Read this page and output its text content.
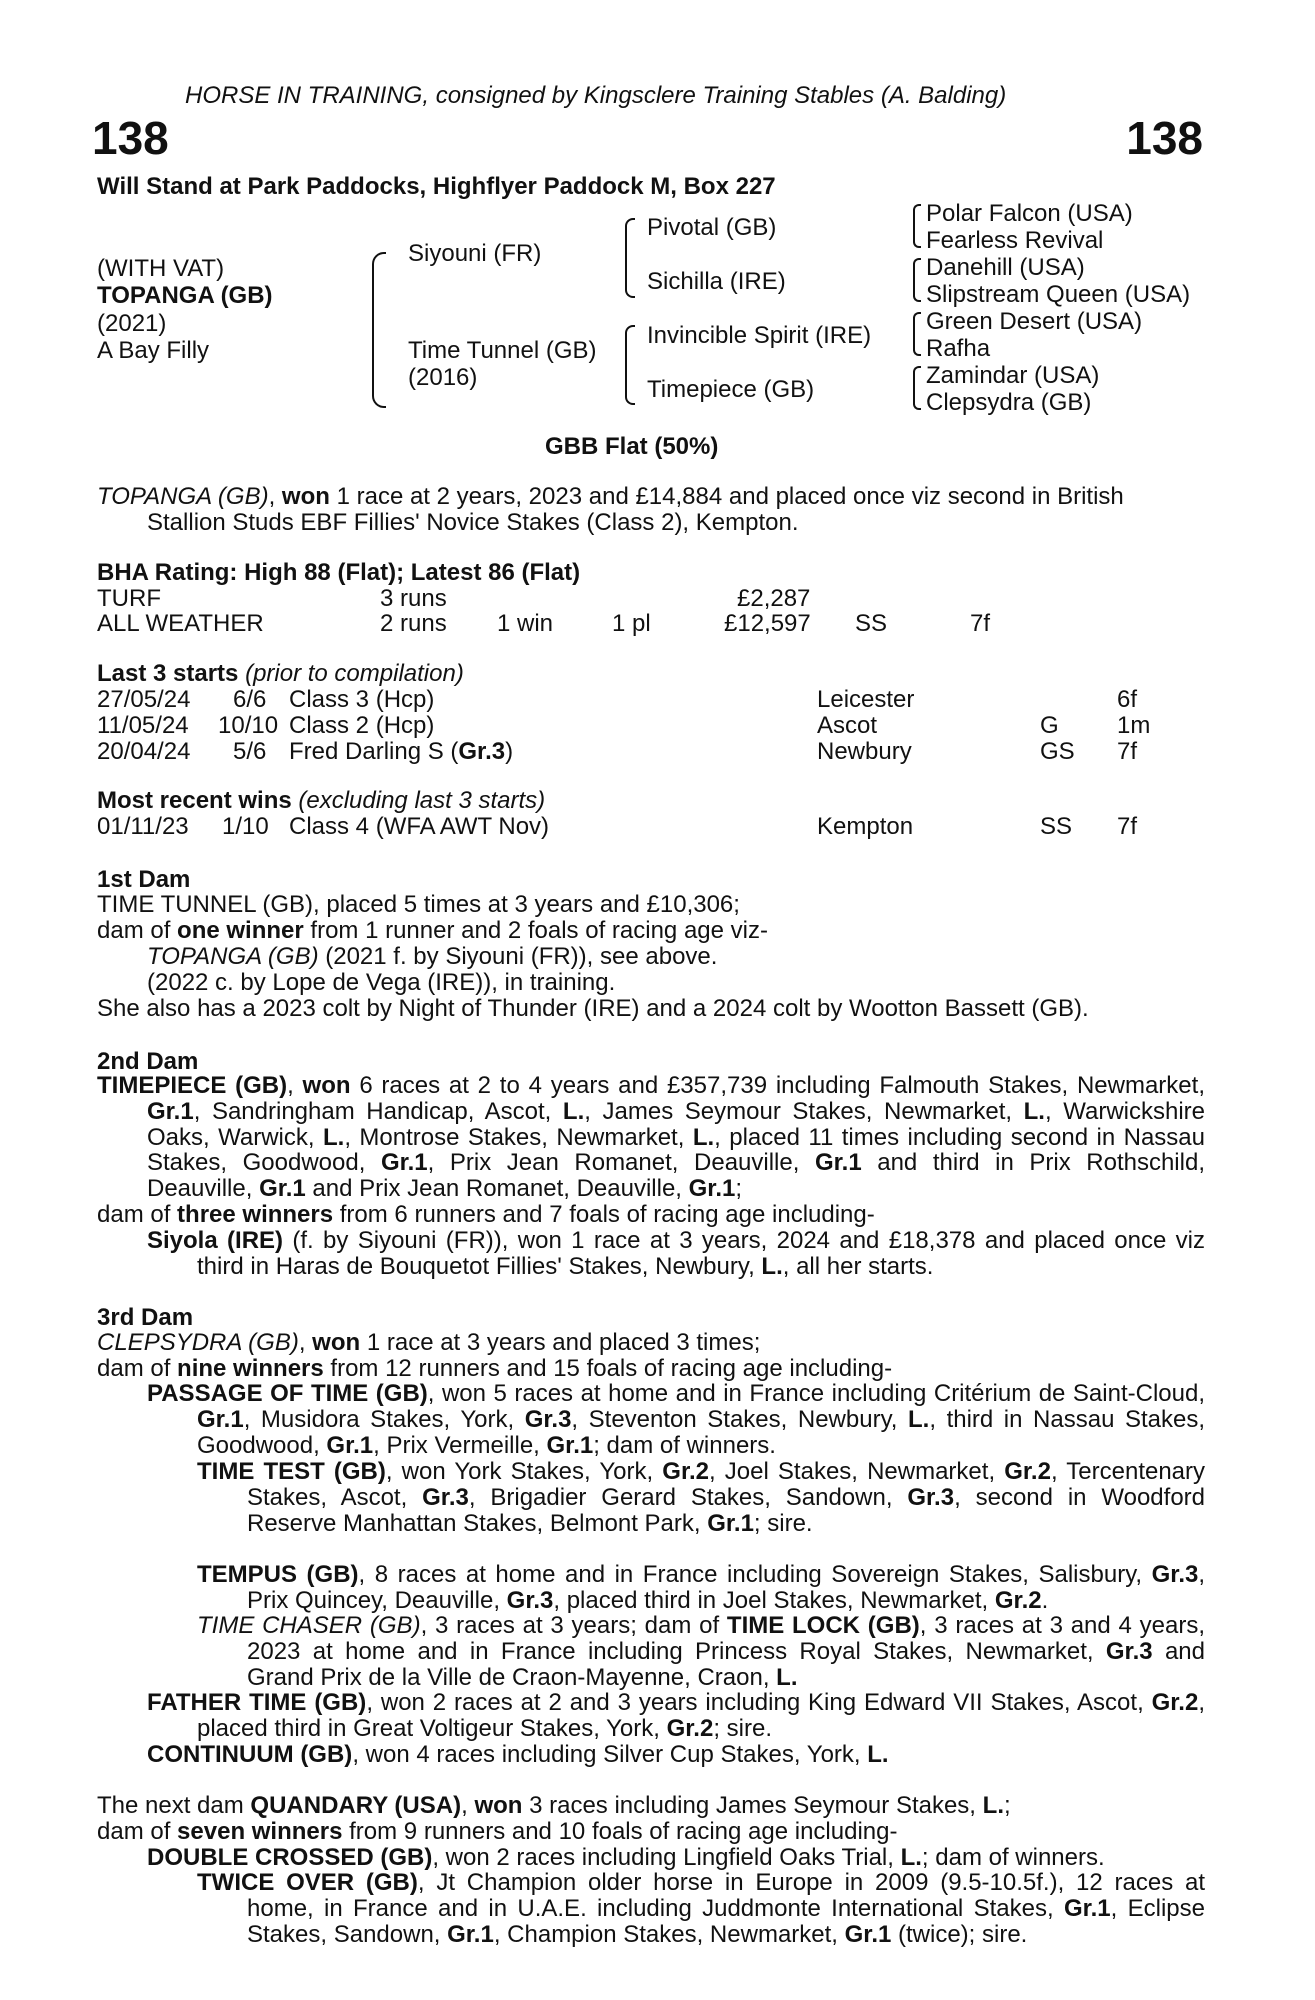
HORSE IN TRAINING, consigned by Kingsclere Training Stables (A. Balding)
138	138
Will Stand at Park Paddocks, Highflyer Paddock M, Box 227
(WITH VAT)
TOPANGA (GB)
(2021)
A Bay Filly
Siyouni (FR)
Time Tunnel (GB)
(2016)
Pivotal (GB)
Sichilla (IRE)
Invincible Spirit (IRE)
Timepiece (GB)
Polar Falcon (USA)
Fearless Revival
Danehill (USA)
Slipstream Queen (USA)
Green Desert (USA)
Rafha
Zamindar (USA)
Clepsydra (GB)
GBB Flat (50%)
TOPANGA (GB), won 1 race at 2 years, 2023 and £14,884 and placed once viz second in British
Stallion Studs EBF Fillies' Novice Stakes (Class 2), Kempton.
BHA Rating: High 88 (Flat); Latest 86 (Flat)
TURF	3 runs	£2,287
ALL WEATHER	2 runs 1 win 1 pl	£12,597 SS	7f
Last 3 starts (prior to compilation)
27/05/24 6/6 Class 3 (Hcp)	Leicester	6f
11/05/24 10/10 Class 2 (Hcp)	Ascot	G 1m
20/04/24 5/6 Fred Darling S (Gr.3)	Newbury	GS 7f
Most recent wins (excluding last 3 starts)
01/11/23 1/10 Class 4 (WFA AWT Nov)	Kempton	SS 7f
1st Dam
TIME TUNNEL (GB), placed 5 times at 3 years and £10,306;
dam of one winner from 1 runner and 2 foals of racing age viz-
TOPANGA (GB) (2021 f. by Siyouni (FR)), see above.
(2022 c. by Lope de Vega (IRE)), in training.
She also has a 2023 colt by Night of Thunder (IRE) and a 2024 colt by Wootton Bassett (GB).
2nd Dam
TIMEPIECE (GB), won 6 races at 2 to 4 years and £357,739 including Falmouth Stakes, Newmarket, Gr.1, Sandringham Handicap, Ascot, L., James Seymour Stakes, Newmarket, L., Warwickshire Oaks, Warwick, L., Montrose Stakes, Newmarket, L., placed 11 times including second in Nassau Stakes, Goodwood, Gr.1, Prix Jean Romanet, Deauville, Gr.1 and third in Prix Rothschild, Deauville, Gr.1 and Prix Jean Romanet, Deauville, Gr.1;
dam of three winners from 6 runners and 7 foals of racing age including-
Siyola (IRE) (f. by Siyouni (FR)), won 1 race at 3 years, 2024 and £18,378 and placed once viz third in Haras de Bouquetot Fillies' Stakes, Newbury, L., all her starts.
3rd Dam
CLEPSYDRA (GB), won 1 race at 3 years and placed 3 times;
dam of nine winners from 12 runners and 15 foals of racing age including-
PASSAGE OF TIME (GB), won 5 races at home and in France including Critérium de Saint-Cloud, Gr.1, Musidora Stakes, York, Gr.3, Steventon Stakes, Newbury, L., third in Nassau Stakes, Goodwood, Gr.1, Prix Vermeille, Gr.1; dam of winners.
TIME TEST (GB), won York Stakes, York, Gr.2, Joel Stakes, Newmarket, Gr.2, Tercentenary Stakes, Ascot, Gr.3, Brigadier Gerard Stakes, Sandown, Gr.3, second in Woodford Reserve Manhattan Stakes, Belmont Park, Gr.1; sire.
TEMPUS (GB), 8 races at home and in France including Sovereign Stakes, Salisbury, Gr.3, Prix Quincey, Deauville, Gr.3, placed third in Joel Stakes, Newmarket, Gr.2.
TIME CHASER (GB), 3 races at 3 years; dam of TIME LOCK (GB), 3 races at 3 and 4 years, 2023 at home and in France including Princess Royal Stakes, Newmarket, Gr.3 and Grand Prix de la Ville de Craon-Mayenne, Craon, L.
FATHER TIME (GB), won 2 races at 2 and 3 years including King Edward VII Stakes, Ascot, Gr.2, placed third in Great Voltigeur Stakes, York, Gr.2; sire.
CONTINUUM (GB), won 4 races including Silver Cup Stakes, York, L.
The next dam QUANDARY (USA), won 3 races including James Seymour Stakes, L.;
dam of seven winners from 9 runners and 10 foals of racing age including-
DOUBLE CROSSED (GB), won 2 races including Lingfield Oaks Trial, L.; dam of winners.
TWICE OVER (GB), Jt Champion older horse in Europe in 2009 (9.5-10.5f.), 12 races at home, in France and in U.A.E. including Juddmonte International Stakes, Gr.1, Eclipse Stakes, Sandown, Gr.1, Champion Stakes, Newmarket, Gr.1 (twice); sire.
